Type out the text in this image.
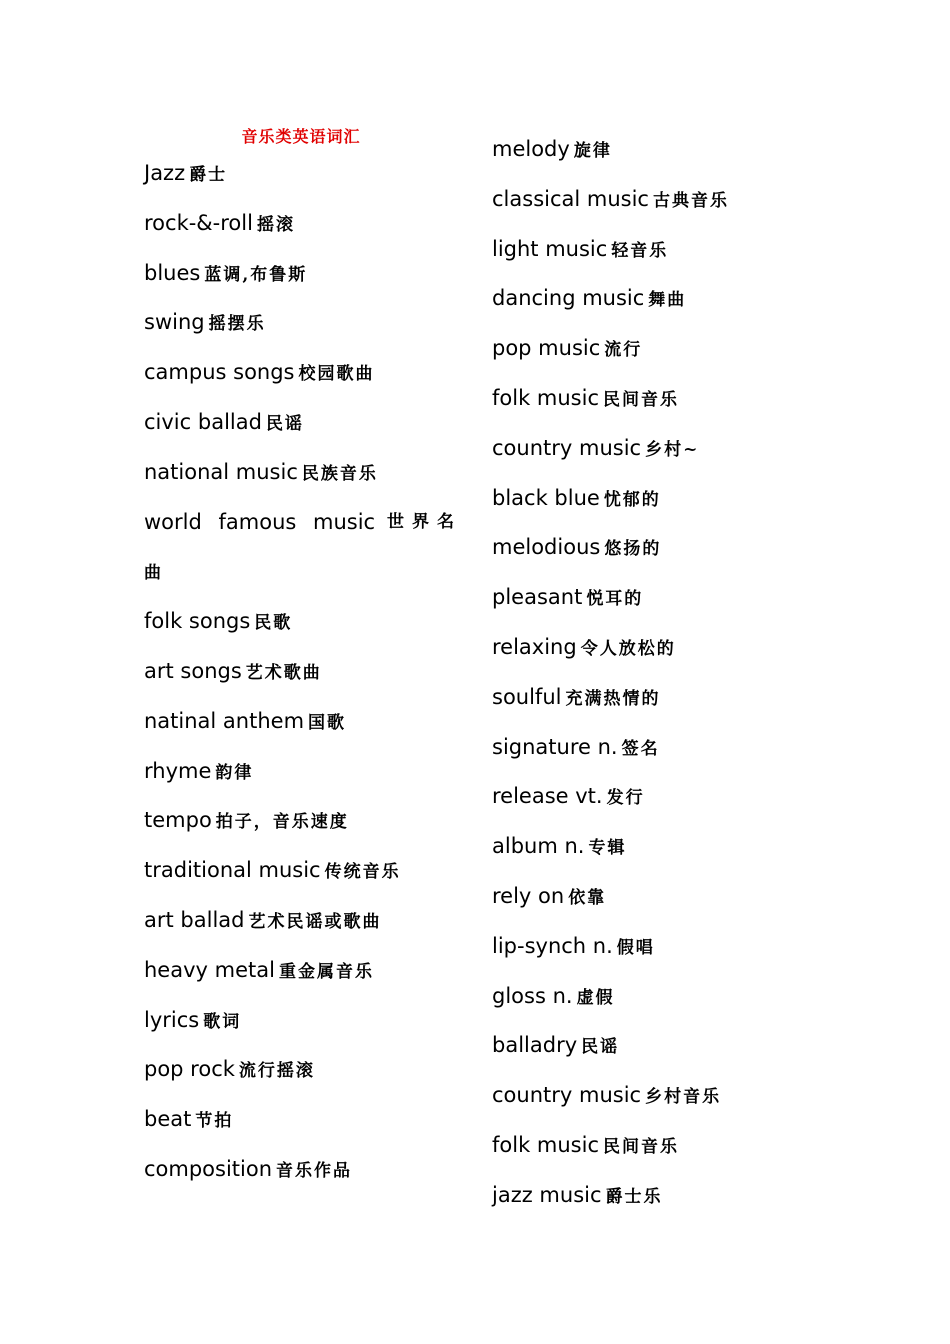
音乐类英语词汇
Jazz 爵士
rock-&-roll 摇滚
blues 蓝调,布鲁斯
swing 摇摆乐
campus songs 校园歌曲
civic ballad 民谣
national music 民族音乐
world famous music 世界名
曲
folk songs 民歌
art songs 艺术歌曲
natinal anthem 国歌
rhyme 韵律
tempo 拍子，音乐速度
traditional music 传统音乐
art ballad 艺术民谣或歌曲
heavy metal 重金属音乐
lyrics 歌词
pop rock 流行摇滚
beat 节拍
composition 音乐作品
melody 旋律
classical music 古典音乐
light music 轻音乐
dancing music 舞曲
pop music 流行
folk music 民间音乐
country music 乡村~
black blue 忧郁的
melodious 悠扬的
pleasant 悦耳的
relaxing 令人放松的
soulful 充满热情的
signature n. 签名
release vt. 发行
album n. 专辑
rely on 依靠
lip-synch n. 假唱
gloss n. 虚假
balladry 民谣
country music 乡村音乐
folk music 民间音乐
jazz music 爵士乐
